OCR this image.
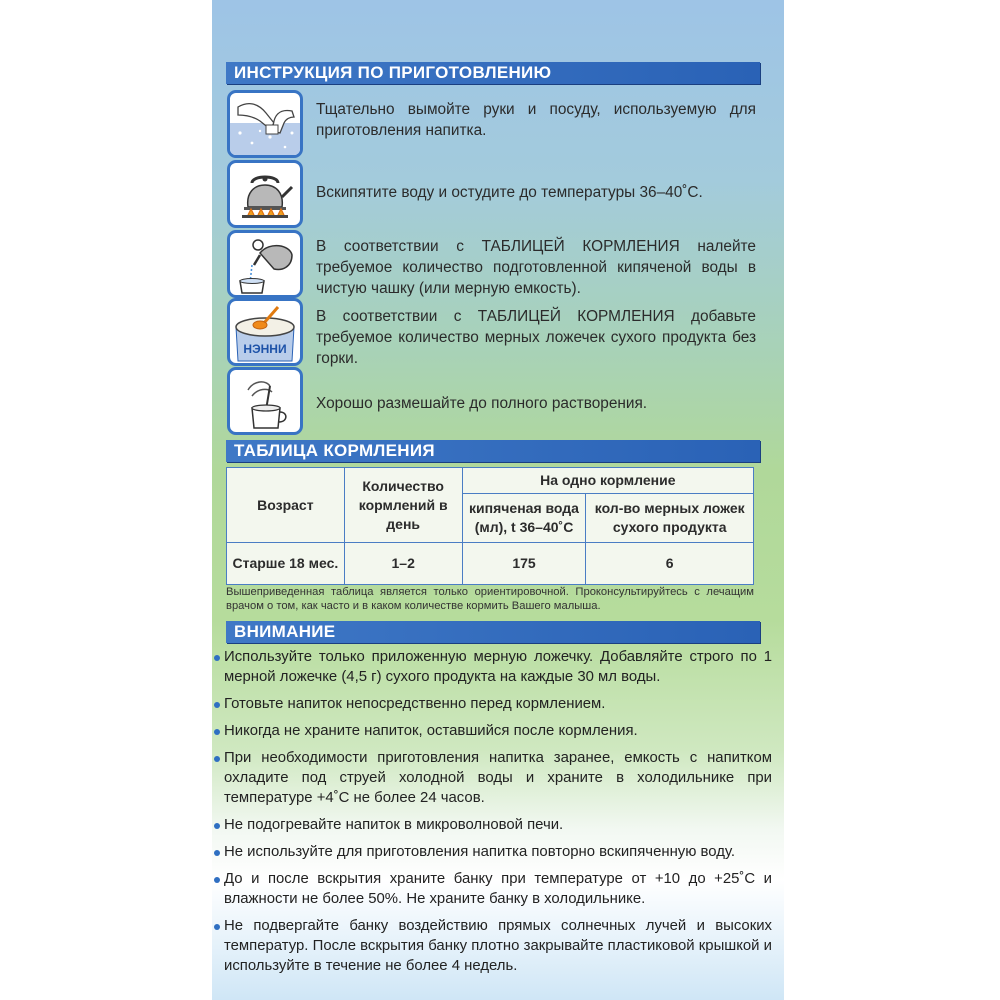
ИНСТРУКЦИЯ ПО ПРИГОТОВЛЕНИЮ
Тщательно вымойте руки и посуду, используемую для приготовления напитка.
Вскипятите воду и остудите до температуры 36–40˚С.
В соответствии с ТАБЛИЦЕЙ КОРМЛЕНИЯ налейте требуемое количество подготовленной кипяченой воды в чистую чашку (или мерную емкость).
НЭННИ
В соответствии с ТАБЛИЦЕЙ КОРМЛЕНИЯ добавьте требуемое количество мерных ложечек сухого продукта без горки.
Хорошо размешайте до полного растворения.
ТАБЛИЦА КОРМЛЕНИЯ
Возраст	Количество кормлений в день	На одно кормление	
		кипяченая вода (мл), t 36–40˚С	кол-во мерных ложек сухого продукта
Старше 18 мес.	1–2	175	6
Вышеприведенная таблица является только ориентировочной. Проконсультируйтесь с лечащим врачом о том, как часто и в каком количестве кормить Вашего малыша.
ВНИМАНИЕ
Используйте только приложенную мерную ложечку. Добавляйте строго по 1 мерной ложечке (4,5 г) сухого продукта на каждые 30 мл воды.
Готовьте напиток непосредственно перед кормлением.
Никогда не храните напиток, оставшийся после кормления.
При необходимости приготовления напитка заранее, емкость с напитком охладите под струей холодной воды и храните в холодильнике при температуре +4˚С не более 24 часов.
Не подогревайте напиток в микроволновой печи.
Не используйте для приготовления напитка повторно вскипяченную воду.
До и после вскрытия храните банку при температуре от +10 до +25˚С и влажности не более 50%. Не храните банку в холодильнике.
Не подвергайте банку воздействию прямых солнечных лучей и высоких температур. После вскрытия банку плотно закрывайте пластиковой крышкой и используйте в течение не более 4 недель.
